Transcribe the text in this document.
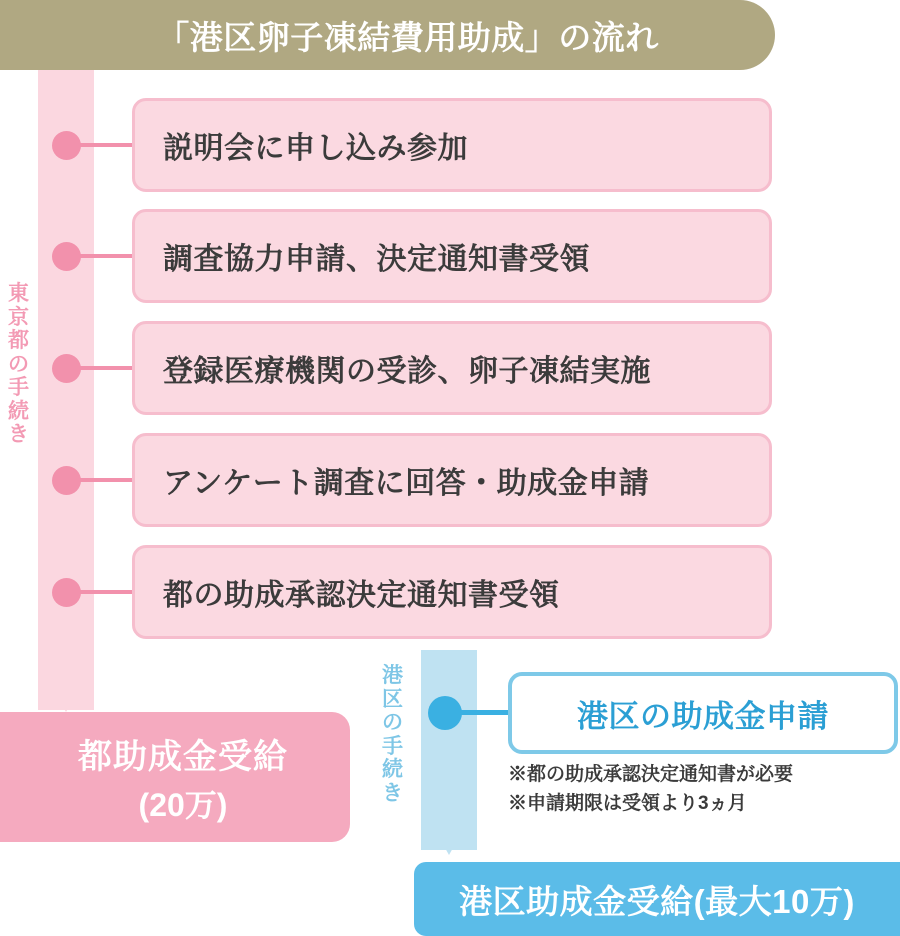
「港区卵子凍結費用助成」の流れ
東
京
都
の
手
続
き
説明会に申し込み参加
調査協力申請、決定通知書受領
登録医療機関の受診、卵子凍結実施
アンケート調査に回答・助成金申請
都の助成承認決定通知書受領
都助成金受給
(20万)
港
区
の
手
続
き
港区の助成金申請
※都の助成承認決定通知書が必要
※申請期限は受領より3ヵ月
港区助成金受給(最大10万)
